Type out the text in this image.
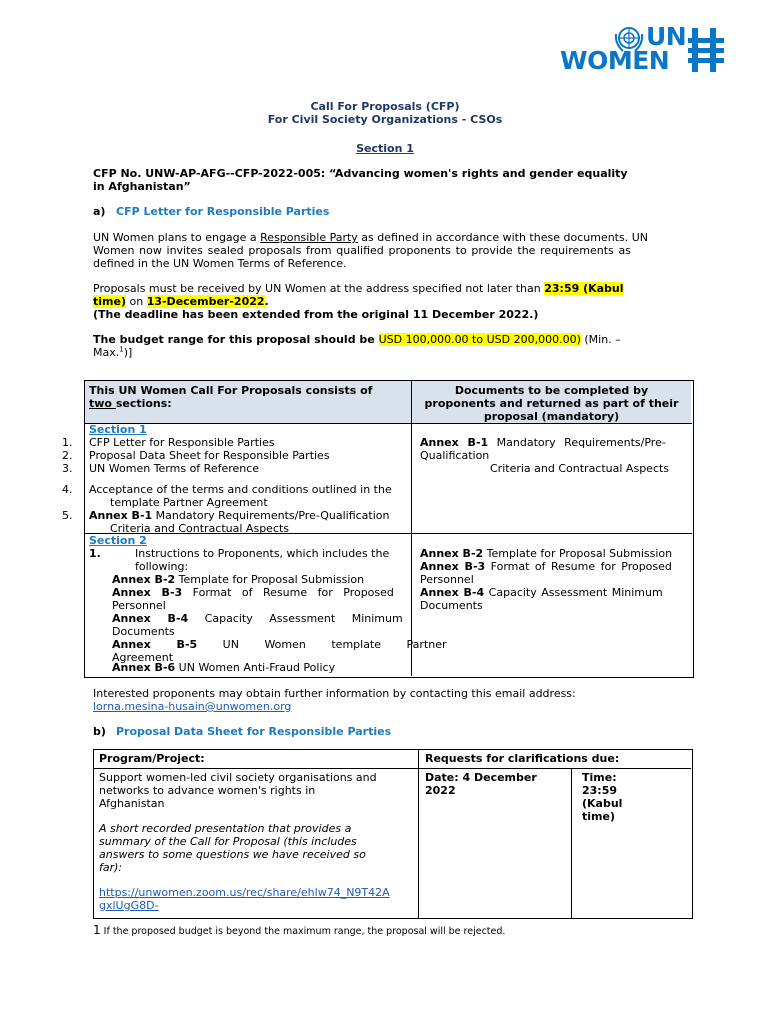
UN
WOMEN
Call For Proposals (CFP)
For Civil Society Organizations - CSOs
Section 1
CFP No. UNW-AP-AFG--CFP-2022-005: “Advancing women's rights and gender equality
in Afghanistan”
a) CFP Letter for Responsible Parties
UN Women plans to engage a Responsible Party as defined in accordance with these documents. UN
Women now invites sealed proposals from qualified proponents to provide the requirements as
defined in the UN Women Terms of Reference.
Proposals must be received by UN Women at the address specified not later than 23:59 (Kabul
time) on 13-December-2022.
(The deadline has been extended from the original 11 December 2022.)
The budget range for this proposal should be USD 100,000.00 to USD 200,000.00) (Min. –
Max.$^1$)]
This UN Women Call For Proposals consists of
two sections:
Documents to be completed by
proponents and returned as part of their
proposal (mandatory)
Section 1
1. CFP Letter for Responsible Parties
2. Proposal Data Sheet for Responsible Parties
3. UN Women Terms of Reference
4. Acceptance of the terms and conditions outlined in the
template Partner Agreement
5. Annex B-1 Mandatory Requirements/Pre-Qualification
Criteria and Contractual Aspects
Annex B-1 Mandatory Requirements/Pre-
Qualification
Criteria and Contractual Aspects
Section 2
1.	Instructions to Proponents, which includes the
following:
Annex B-2 Template for Proposal Submission
Annex B-3 Format of Resume for Proposed
Personnel
Annex B-4 Capacity Assessment Minimum
Documents
Annex B-5 UN Women template Partner
Agreement
Annex B-6 UN Women Anti-Fraud Policy
Annex B-2 Template for Proposal Submission
Annex B-3 Format of Resume for Proposed
Personnel
Annex B-4 Capacity Assessment Minimum
Documents
Interested proponents may obtain further information by contacting this email address:
lorna.mesina-husain@unwomen.org
b) Proposal Data Sheet for Responsible Parties
Program/Project:	Requests for clarifications due:
Support women-led civil society organisations and
networks to advance women's rights in
Afghanistan
A short recorded presentation that provides a
summary of the Call for Proposal (this includes
answers to some questions we have received so
far):
https://unwomen.zoom.us/rec/share/ehlw74_N9T42A
gxlUgG8D-
Date: 4 December
2022
Time:
23:59
(Kabul
time)
1 If the proposed budget is beyond the maximum range, the proposal will be rejected.
